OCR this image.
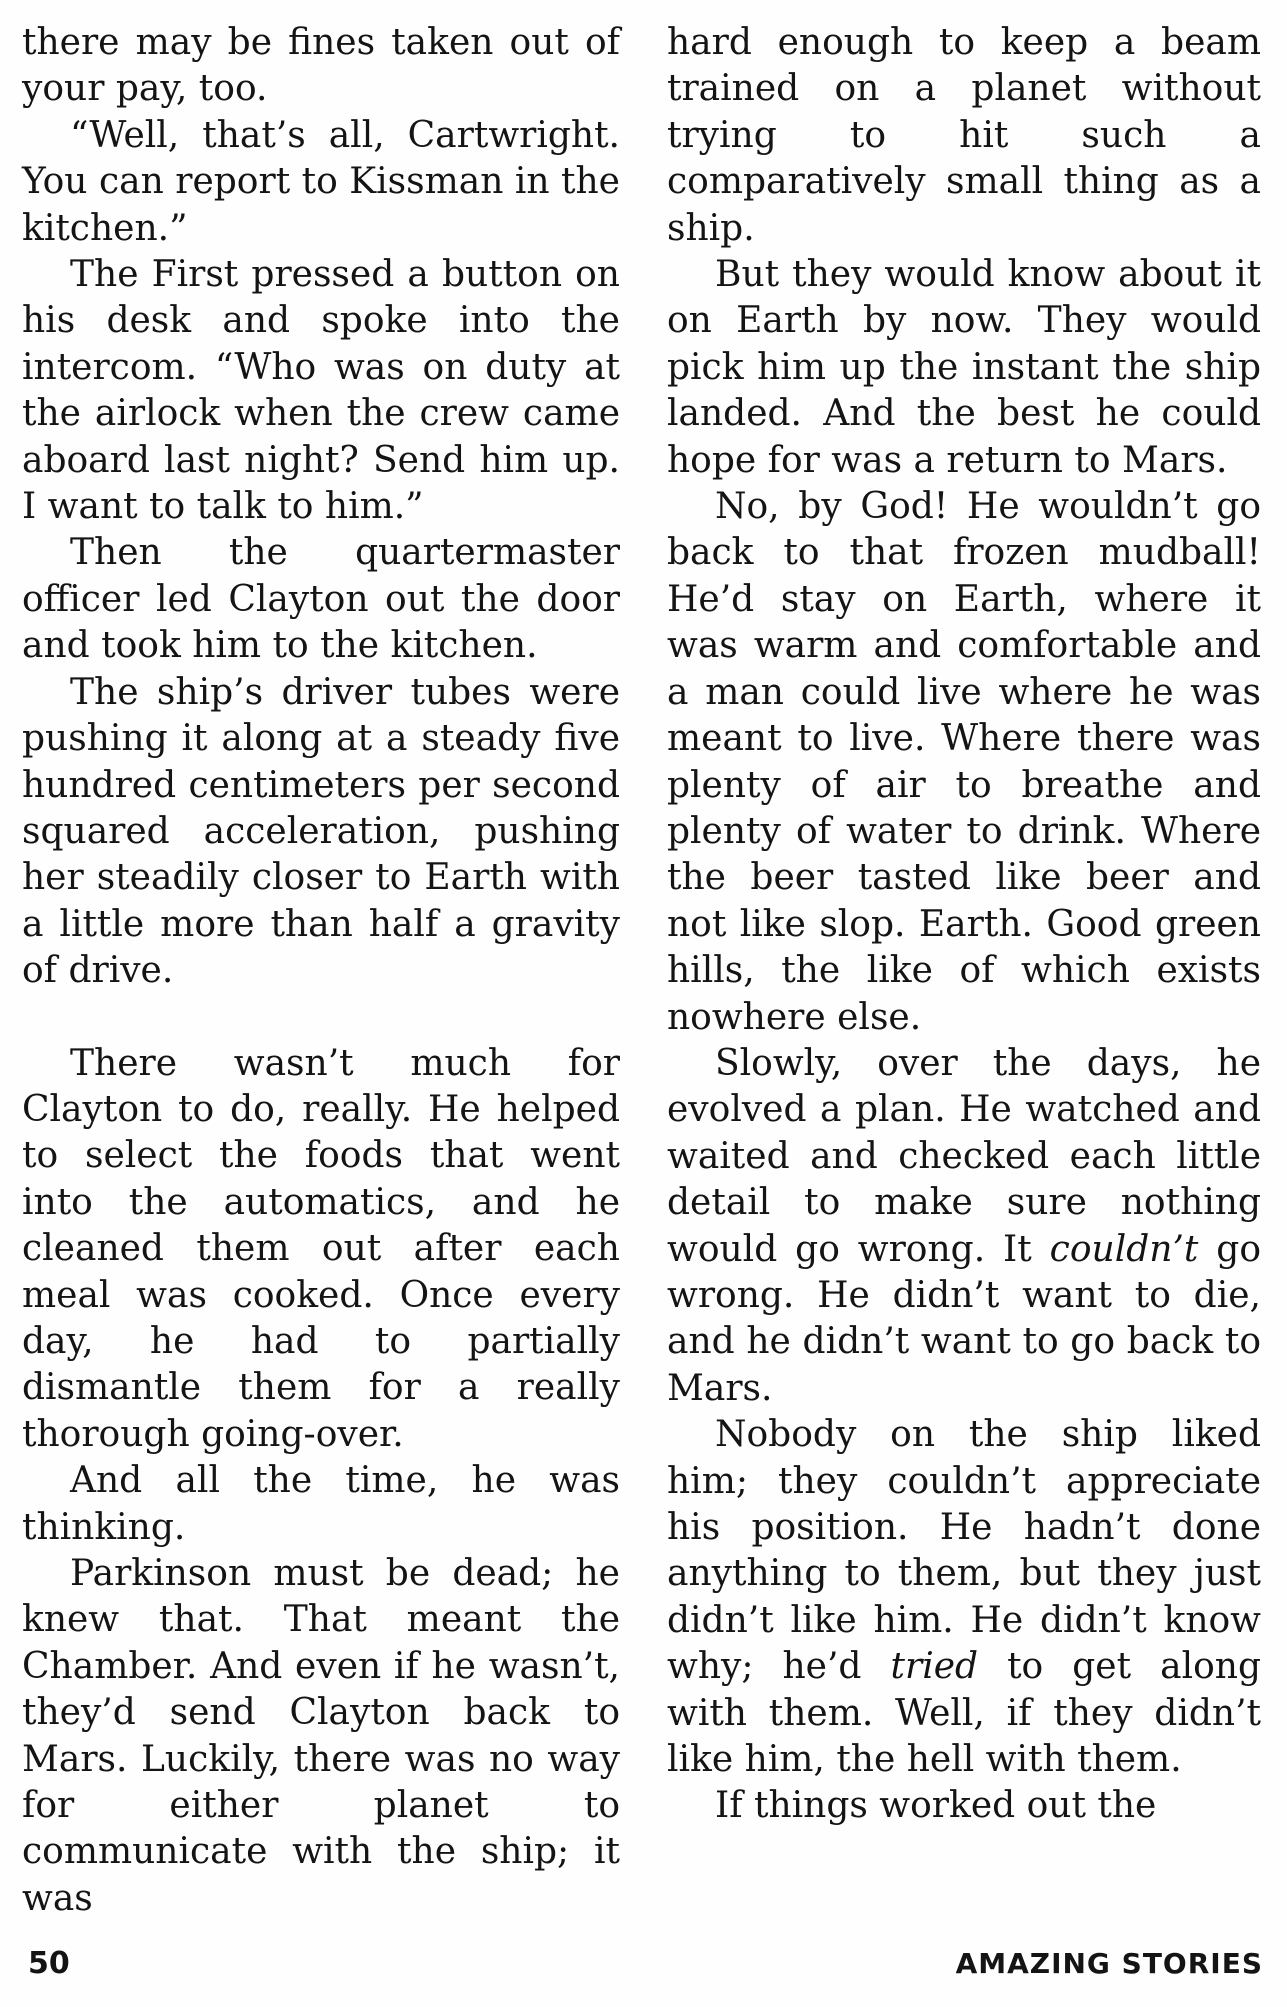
there may be fines taken out of your pay, too.

“Well, that’s all, Cartwright. You can report to Kissman in the kitchen.”

The First pressed a button on his desk and spoke into the intercom. “Who was on duty at the airlock when the crew came aboard last night? Send him up. I want to talk to him.”

Then the quartermaster officer led Clayton out the door and took him to the kitchen.

The ship’s driver tubes were pushing it along at a steady five hundred centimeters per second squared acceleration, pushing her steadily closer to Earth with a little more than half a gravity of drive.

There wasn’t much for Clayton to do, really. He helped to select the foods that went into the automatics, and he cleaned them out after each meal was cooked. Once every day, he had to partially dismantle them for a really thorough going-over.

And all the time, he was thinking.

Parkinson must be dead; he knew that. That meant the Chamber. And even if he wasn’t, they’d send Clayton back to Mars. Luckily, there was no way for either planet to communicate with the ship; it was

hard enough to keep a beam trained on a planet without trying to hit such a comparatively small thing as a ship.

But they would know about it on Earth by now. They would pick him up the instant the ship landed. And the best he could hope for was a return to Mars.

No, by God! He wouldn’t go back to that frozen mudball! He’d stay on Earth, where it was warm and comfortable and a man could live where he was meant to live. Where there was plenty of air to breathe and plenty of water to drink. Where the beer tasted like beer and not like slop. Earth. Good green hills, the like of which exists nowhere else.

Slowly, over the days, he evolved a plan. He watched and waited and checked each little detail to make sure nothing would go wrong. It couldn’t go wrong. He didn’t want to die, and he didn’t want to go back to Mars.

Nobody on the ship liked him; they couldn’t appreciate his position. He hadn’t done anything to them, but they just didn’t like him. He didn’t know why; he’d tried to get along with them. Well, if they didn’t like him, the hell with them.

If things worked out the

50	AMAZING STORIES
